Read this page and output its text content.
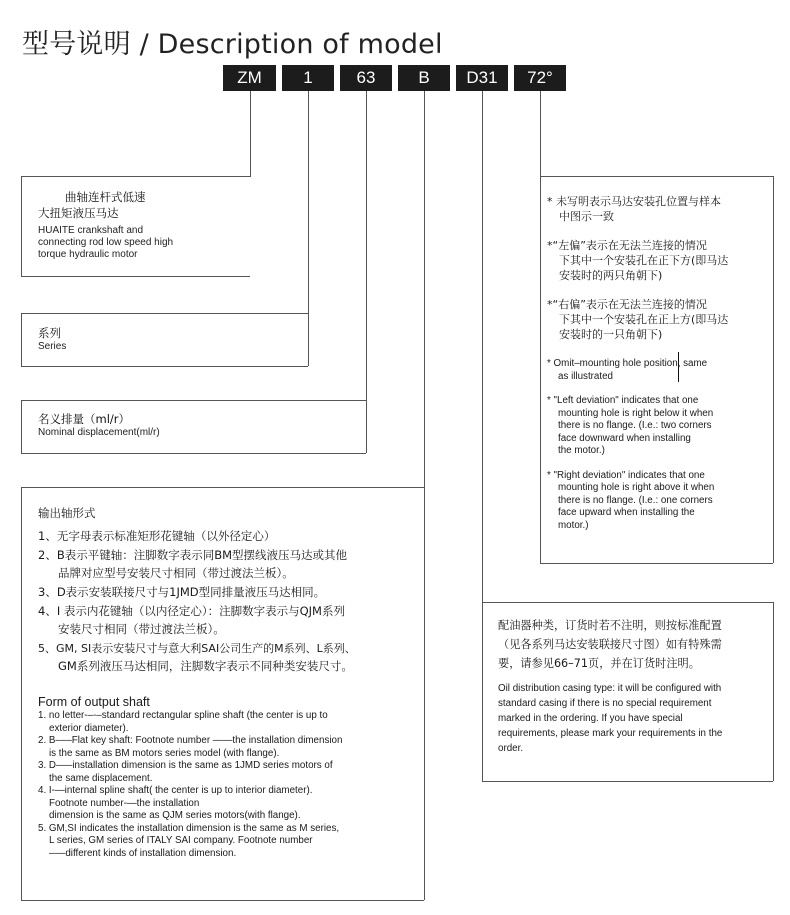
型号说明 / Description of model
ZM	1	63	B	D31	72°
曲轴连杆式低速
大扭矩液压马达
HUAITE crankshaft and
connecting rod low speed high
torque hydraulic motor
系列
Series
名义排量（ml/r）
Nominal displacement(ml/r)
输出轴形式
1、无字母表示标准矩形花键轴（以外径定心）
2、B表示平键轴：注脚数字表示同BM型摆线液压马达或其他
品牌对应型号安装尺寸相同（带过渡法兰板）。
3、D表示安装联接尺寸与1JMD型同排量液压马达相同。
4、I 表示内花键轴（以内径定心）：注脚数字表示与QJM系列
安装尺寸相同（带过渡法兰板）。
5、GM, SI表示安装尺寸与意大利SAI公司生产的M系列、L系列、
GM系列液压马达相同，注脚数字表示不同种类安装尺寸。
Form of output shaft
1. no letter-–-–standard rectangular spline shaft (the center is up to
exterior diameter).
2. B–––Flat key shaft: Footnote number ——the installation dimension
is the same as BM motors series model (with flange).
3. D–––installation dimension is the same as 1JMD series motors of
the same displacement.
4. I-—internal spline shaft( the center is up to interior diameter).
Footnote number-—the installation
dimension is the same as QJM series motors(with flange).
5. GM,SI indicates the installation dimension is the same as M series,
L series, GM series of ITALY SAI company. Footnote number
–––different kinds of installation dimension.
配油器种类，订货时若不注明，则按标准配置
（见各系列马达安装联接尺寸图）如有特殊需
要，请参见66–71页，并在订货时注明。
Oil distribution casing type: it will be configured with
standard casing if there is no special requirement
marked in the ordering. If you have special
requirements, please mark your requirements in the
order.
* 未写明表示马达安装孔位置与样本
中图示一致
*“左偏”表示在无法兰连接的情况
下其中一个安装孔在正下方(即马达
安装时的两只角朝下)
*“右偏”表示在无法兰连接的情况
下其中一个安装孔在正上方(即马达
安装时的一只角朝下)
* Omit–mounting hole position, same
as illustrated
* "Left deviation" indicates that one
mounting hole is right below it when
there is no flange. (I.e.: two corners
face downward when installing
the motor.)
* "Right deviation" indicates that one
mounting hole is right above it when
there is no flange. (I.e.: one corners
face upward when installing the
motor.)
